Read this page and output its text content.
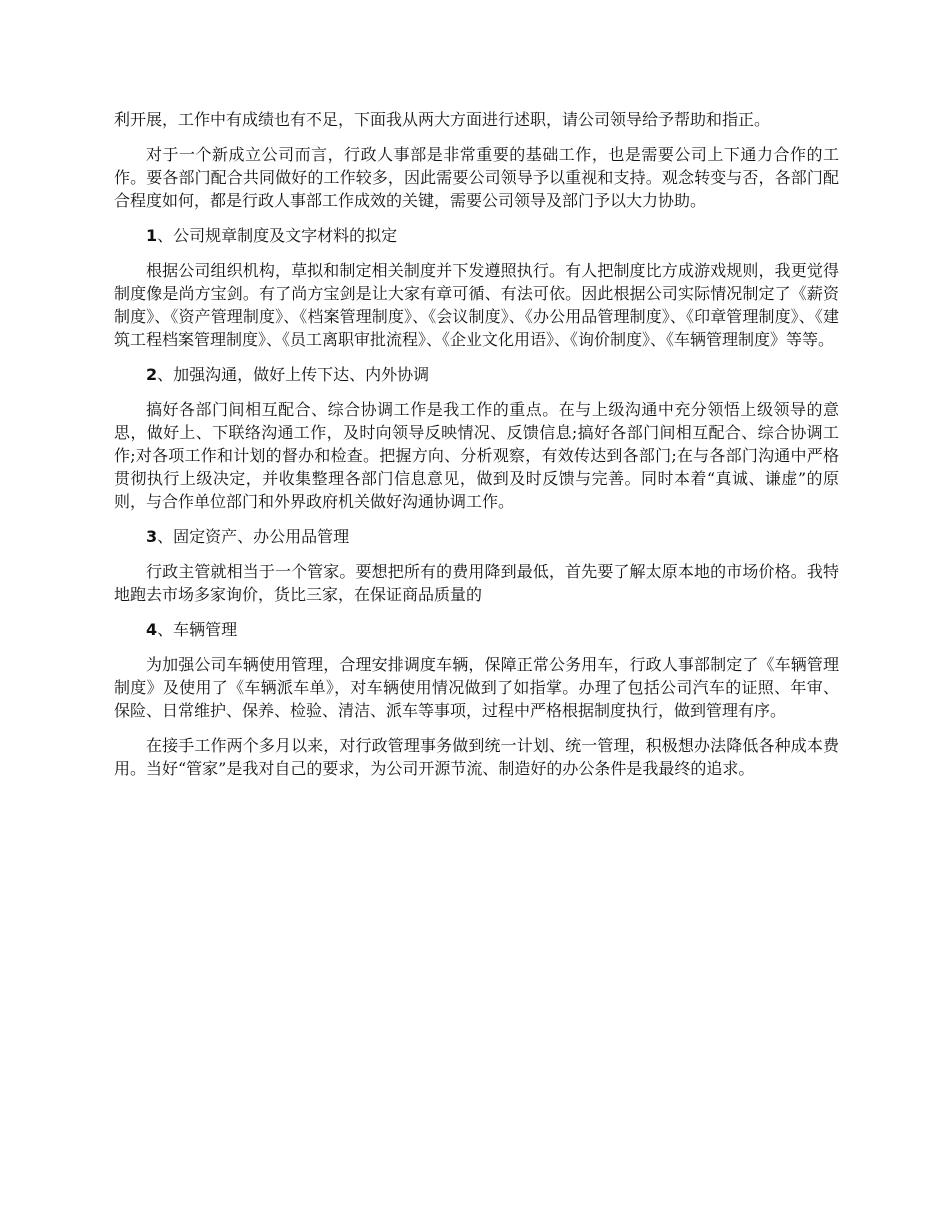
利开展，工作中有成绩也有不足，下面我从两大方面进行述职，请公司领导给予帮助和指正。

对于一个新成立公司而言，行政人事部是非常重要的基础工作，也是需要公司上下通力合作的工作。要各部门配合共同做好的工作较多，因此需要公司领导予以重视和支持。观念转变与否，各部门配合程度如何，都是行政人事部工作成效的关键，需要公司领导及部门予以大力协助。

1、公司规章制度及文字材料的拟定

根据公司组织机构，草拟和制定相关制度并下发遵照执行。有人把制度比方成游戏规则，我更觉得制度像是尚方宝剑。有了尚方宝剑是让大家有章可循、有法可依。因此根据公司实际情况制定了《薪资制度》、《资产管理制度》、《档案管理制度》、《会议制度》、《办公用品管理制度》、《印章管理制度》、《建筑工程档案管理制度》、《员工离职审批流程》、《企业文化用语》、《询价制度》、《车辆管理制度》等等。

2、加强沟通，做好上传下达、内外协调

搞好各部门间相互配合、综合协调工作是我工作的重点。在与上级沟通中充分领悟上级领导的意思，做好上、下联络沟通工作，及时向领导反映情况、反馈信息;搞好各部门间相互配合、综合协调工作;对各项工作和计划的督办和检查。把握方向、分析观察，有效传达到各部门;在与各部门沟通中严格贯彻执行上级决定，并收集整理各部门信息意见，做到及时反馈与完善。同时本着“真诚、谦虚”的原则，与合作单位部门和外界政府机关做好沟通协调工作。

3、固定资产、办公用品管理

行政主管就相当于一个管家。要想把所有的费用降到最低，首先要了解太原本地的市场价格。我特地跑去市场多家询价，货比三家，在保证商品质量的

4、车辆管理

为加强公司车辆使用管理，合理安排调度车辆，保障正常公务用车，行政人事部制定了《车辆管理制度》及使用了《车辆派车单》，对车辆使用情况做到了如指掌。办理了包括公司汽车的证照、年审、保险、日常维护、保养、检验、清洁、派车等事项，过程中严格根据制度执行，做到管理有序。

在接手工作两个多月以来，对行政管理事务做到统一计划、统一管理，积极想办法降低各种成本费用。当好“管家”是我对自己的要求，为公司开源节流、制造好的办公条件是我最终的追求。
